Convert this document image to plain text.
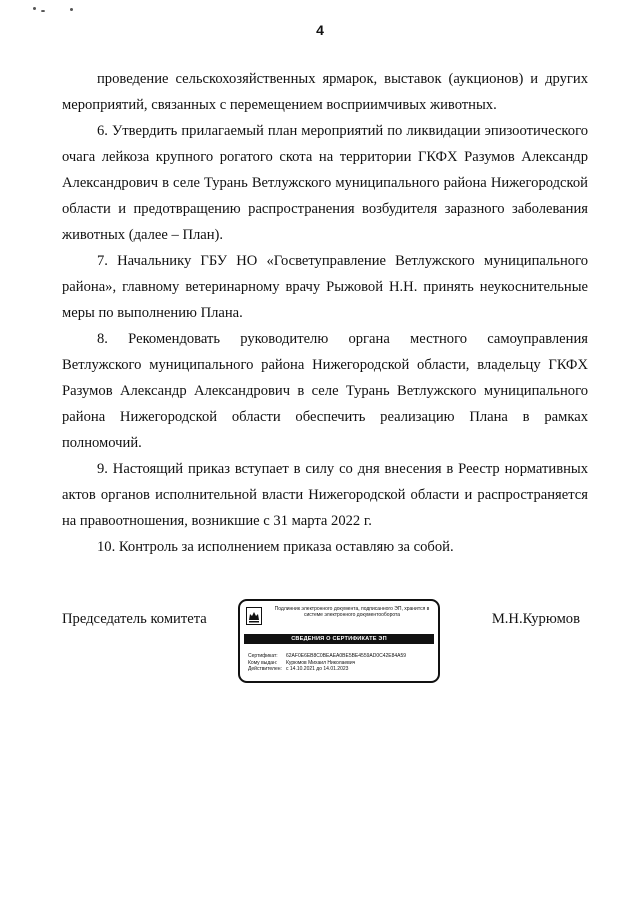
4

проведение сельскохозяйственных ярмарок, выставок (аукционов) и других мероприятий, связанных с перемещением восприимчивых животных.

6. Утвердить прилагаемый план мероприятий по ликвидации эпизоотического очага лейкоза крупного рогатого скота на территории ГКФХ Разумов Александр Александрович в селе Турань Ветлужского муниципального района Нижегородской области и предотвращению распространения возбудителя заразного заболевания животных (далее – План).

7. Начальнику ГБУ НО «Госветуправление Ветлужского муниципального района», главному ветеринарному врачу Рыжовой Н.Н. принять неукоснительные меры по выполнению Плана.

8. Рекомендовать руководителю органа местного самоуправления Ветлужского муниципального района Нижегородской области, владельцу ГКФХ Разумов Александр Александрович в селе Турань Ветлужского муниципального района Нижегородской области обеспечить реализацию Плана в рамках полномочий.

9. Настоящий приказ вступает в силу со дня внесения в Реестр нормативных актов органов исполнительной власти Нижегородской области и распространяется на правоотношения, возникшие с 31 марта 2022 г.

10. Контроль за исполнением приказа оставляю за собой.

Председатель комитета
Подлинник электронного документа, подписанного ЭП, хранится в системе электронного документооборота
СВЕДЕНИЯ О СЕРТИФИКАТЕ ЭП
Сертификат: 62AF0E6EB8C0BEAEA0BE5BE4559AD0C42E84A59
Кому выдан: Курюмов Михаил Николаевич
Действителен: с 14.10.2021 до 14.01.2023
М.Н.Курюмов
